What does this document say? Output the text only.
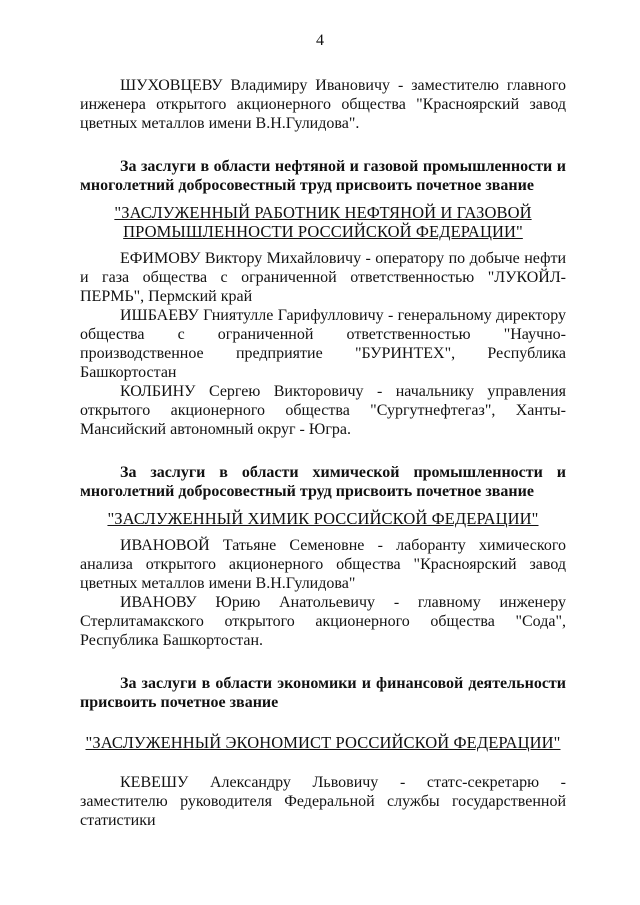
4

ШУХОВЦЕВУ Владимиру Ивановичу - заместителю главного инженера открытого акционерного общества "Красноярский завод цветных металлов имени В.Н.Гулидова".

За заслуги в области нефтяной и газовой промышленности и многолетний добросовестный труд присвоить почетное звание

"ЗАСЛУЖЕННЫЙ РАБОТНИК НЕФТЯНОЙ И ГАЗОВОЙ ПРОМЫШЛЕННОСТИ РОССИЙСКОЙ ФЕДЕРАЦИИ"

ЕФИМОВУ Виктору Михайловичу - оператору по добыче нефти и газа общества с ограниченной ответственностью "ЛУКОЙЛ-ПЕРМЬ", Пермский край

ИШБАЕВУ Гниятулле Гарифулловичу - генеральному директору общества с ограниченной ответственностью "Научно-производственное предприятие "БУРИНТЕХ", Республика Башкортостан

КОЛБИНУ Сергею Викторовичу - начальнику управления открытого акционерного общества "Сургутнефтегаз", Ханты-Мансийский автономный округ - Югра.

За заслуги в области химической промышленности и многолетний добросовестный труд присвоить почетное звание

"ЗАСЛУЖЕННЫЙ ХИМИК РОССИЙСКОЙ ФЕДЕРАЦИИ"

ИВАНОВОЙ Татьяне Семеновне - лаборанту химического анализа открытого акционерного общества "Красноярский завод цветных металлов имени В.Н.Гулидова"

ИВАНОВУ Юрию Анатольевичу - главному инженеру Стерлитамакского открытого акционерного общества "Сода", Республика Башкортостан.

За заслуги в области экономики и финансовой деятельности присвоить почетное звание

"ЗАСЛУЖЕННЫЙ ЭКОНОМИСТ РОССИЙСКОЙ ФЕДЕРАЦИИ"

КЕВЕШУ Александру Львовичу - статс-секретарю - заместителю руководителя Федеральной службы государственной статистики
